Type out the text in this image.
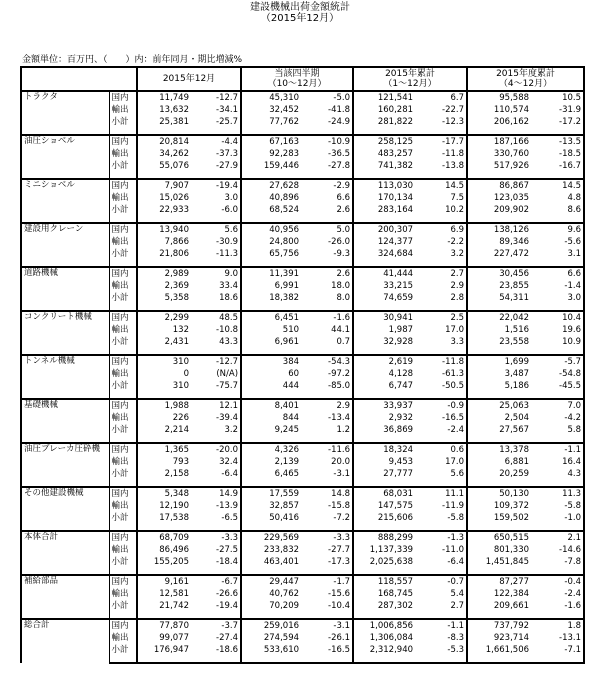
建設機械出荷金額統計
（2015年12月）
金額単位：百万円、（　　）内：前年同月・期比増減%
		2015年12月		当該四半期
（10～12月）		2015年累計
（1～12月）		2015年度累計
（4～12月）	
トラクタ	国内	11,749	-12.7	45,310	-5.0	121,541	6.7	95,588	10.5
	輸出	13,632	-34.1	32,452	-41.8	160,281	-22.7	110,574	-31.9
	小計	25,381	-25.7	77,762	-24.9	281,822	-12.3	206,162	-17.2

油圧ショベル	国内	20,814	-4.4	67,163	-10.9	258,125	-17.7	187,166	-13.5
	輸出	34,262	-37.3	92,283	-36.5	483,257	-11.8	330,760	-18.5
	小計	55,076	-27.9	159,446	-27.8	741,382	-13.8	517,926	-16.7

ミニショベル	国内	7,907	-19.4	27,628	-2.9	113,030	14.5	86,867	14.5
	輸出	15,026	3.0	40,896	6.6	170,134	7.5	123,035	4.8
	小計	22,933	-6.0	68,524	2.6	283,164	10.2	209,902	8.6

建設用クレーン	国内	13,940	5.6	40,956	5.0	200,307	6.9	138,126	9.6
	輸出	7,866	-30.9	24,800	-26.0	124,377	-2.2	89,346	-5.6
	小計	21,806	-11.3	65,756	-9.3	324,684	3.2	227,472	3.1

道路機械	国内	2,989	9.0	11,391	2.6	41,444	2.7	30,456	6.6
	輸出	2,369	33.4	6,991	18.0	33,215	2.9	23,855	-1.4
	小計	5,358	18.6	18,382	8.0	74,659	2.8	54,311	3.0

コンクリート機械	国内	2,299	48.5	6,451	-1.6	30,941	2.5	22,042	10.4
	輸出	132	-10.8	510	44.1	1,987	17.0	1,516	19.6
	小計	2,431	43.3	6,961	0.7	32,928	3.3	23,558	10.9

トンネル機械	国内	310	-12.7	384	-54.3	2,619	-11.8	1,699	-5.7
	輸出	0	(N/A)	60	-97.2	4,128	-61.3	3,487	-54.8
	小計	310	-75.7	444	-85.0	6,747	-50.5	5,186	-45.5

基礎機械	国内	1,988	12.1	8,401	2.9	33,937	-0.9	25,063	7.0
	輸出	226	-39.4	844	-13.4	2,932	-16.5	2,504	-4.2
	小計	2,214	3.2	9,245	1.2	36,869	-2.4	27,567	5.8

油圧ブレーカ圧砕機	国内	1,365	-20.0	4,326	-11.6	18,324	0.6	13,378	-1.1
	輸出	793	32.4	2,139	20.0	9,453	17.0	6,881	16.4
	小計	2,158	-6.4	6,465	-3.1	27,777	5.6	20,259	4.3

その他建設機械	国内	5,348	14.9	17,559	14.8	68,031	11.1	50,130	11.3
	輸出	12,190	-13.9	32,857	-15.8	147,575	-11.9	109,372	-5.8
	小計	17,538	-6.5	50,416	-7.2	215,606	-5.8	159,502	-1.0

本体合計	国内	68,709	-3.3	229,569	-3.3	888,299	-1.3	650,515	2.1
	輸出	86,496	-27.5	233,832	-27.7	1,137,339	-11.0	801,330	-14.6
	小計	155,205	-18.4	463,401	-17.3	2,025,638	-6.4	1,451,845	-7.8

補給部品	国内	9,161	-6.7	29,447	-1.7	118,557	-0.7	87,277	-0.4
	輸出	12,581	-26.6	40,762	-15.6	168,745	5.4	122,384	-2.4
	小計	21,742	-19.4	70,209	-10.4	287,302	2.7	209,661	-1.6

総合計	国内	77,870	-3.7	259,016	-3.1	1,006,856	-1.1	737,792	1.8
	輸出	99,077	-27.4	274,594	-26.1	1,306,084	-8.3	923,714	-13.1
	小計	176,947	-18.6	533,610	-16.5	2,312,940	-5.3	1,661,506	-7.1
